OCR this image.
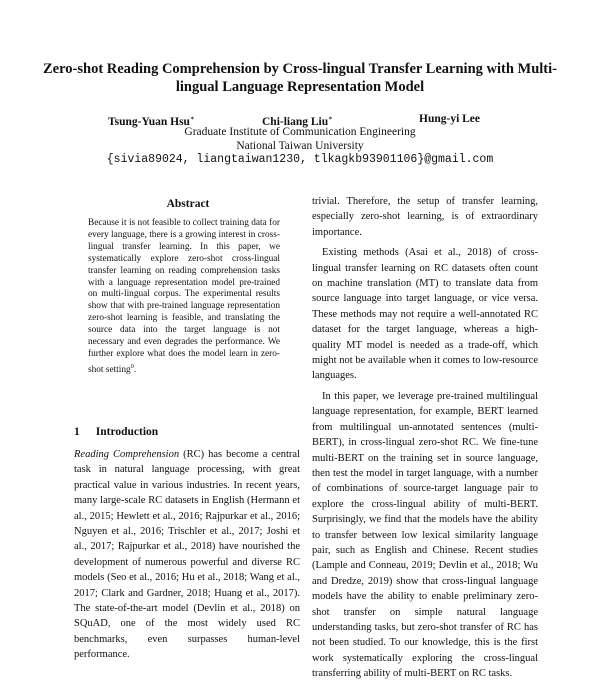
Zero-shot Reading Comprehension by Cross-lingual Transfer Learning with Multi-lingual Language Representation Model
Tsung-Yuan Hsu∗	Chi-liang Liu∗	Hung-yi Lee
Graduate Institute of Communication Engineering
National Taiwan University
{sivia89024, liangtaiwan1230, tlkagkb93901106}@gmail.com
Abstract
Because it is not feasible to collect training data for every language, there is a growing interest in cross-lingual transfer learning. In this paper, we systematically explore zero-shot cross-lingual transfer learning on reading comprehension tasks with a language representation model pre-trained on multi-lingual corpus. The experimental results show that with pre-trained language representation zero-shot learning is feasible, and translating the source data into the target language is not necessary and even degrades the performance. We further explore what does the model learn in zero-shot setting$^0$.
1 Introduction

Reading Comprehension (RC) has become a central task in natural language processing, with great practical value in various industries. In recent years, many large-scale RC datasets in English (Hermann et al., 2015; Hewlett et al., 2016; Rajpurkar et al., 2016; Nguyen et al., 2016; Trischler et al., 2017; Joshi et al., 2017; Rajpurkar et al., 2018) have nourished the development of numerous powerful and diverse RC models (Seo et al., 2016; Hu et al., 2018; Wang et al., 2017; Clark and Gardner, 2018; Huang et al., 2017). The state-of-the-art model (Devlin et al., 2018) on SQuAD, one of the most widely used RC benchmarks, even surpasses human-level performance.

trivial. Therefore, the setup of transfer learning, especially zero-shot learning, is of extraordinary importance.

Existing methods (Asai et al., 2018) of cross-lingual transfer learning on RC datasets often count on machine translation (MT) to translate data from source language into target language, or vice versa. These methods may not require a well-annotated RC dataset for the target language, whereas a high-quality MT model is needed as a trade-off, which might not be available when it comes to low-resource languages.

In this paper, we leverage pre-trained multilingual language representation, for example, BERT learned from multilingual un-annotated sentences (multi-BERT), in cross-lingual zero-shot RC. We fine-tune multi-BERT on the training set in source language, then test the model in target language, with a number of combinations of source-target language pair to explore the cross-lingual ability of multi-BERT. Surprisingly, we find that the models have the ability to transfer between low lexical similarity language pair, such as English and Chinese. Recent studies (Lample and Conneau, 2019; Devlin et al., 2018; Wu and Dredze, 2019) show that cross-lingual language models have the ability to enable preliminary zero-shot transfer on simple natural language understanding tasks, but zero-shot transfer of RC has not been studied. To our knowledge, this is the first work systematically exploring the cross-lingual transferring ability of multi-BERT on RC tasks.
